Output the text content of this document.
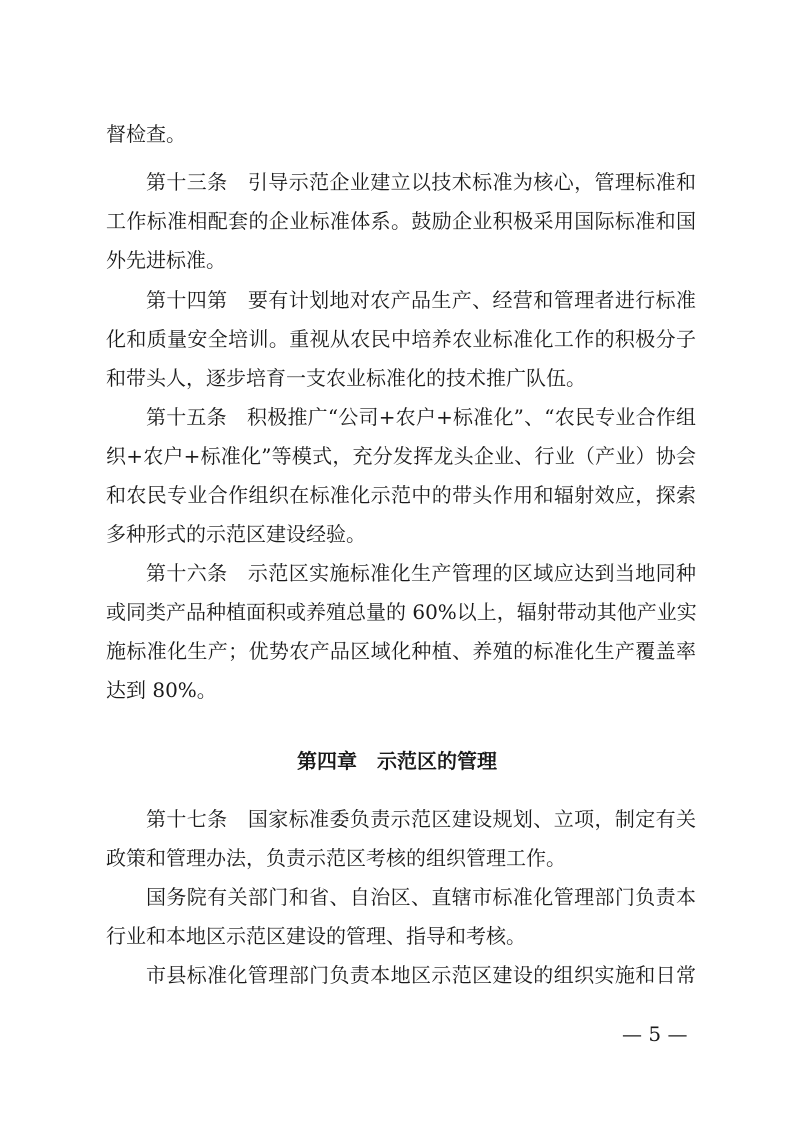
督检查。
第十三条　引导示范企业建立以技术标准为核心，管理标准和
工作标准相配套的企业标准体系。鼓励企业积极采用国际标准和国
外先进标准。
第十四第　要有计划地对农产品生产、经营和管理者进行标准
化和质量安全培训。重视从农民中培养农业标准化工作的积极分子
和带头人，逐步培育一支农业标准化的技术推广队伍。
第十五条　积极推广“公司+农户+标准化”、“农民专业合作组
织+农户+标准化”等模式，充分发挥龙头企业、行业（产业）协会
和农民专业合作组织在标准化示范中的带头作用和辐射效应，探索
多种形式的示范区建设经验。
第十六条　示范区实施标准化生产管理的区域应达到当地同种
或同类产品种植面积或养殖总量的 60%以上，辐射带动其他产业实
施标准化生产；优势农产品区域化种植、养殖的标准化生产覆盖率
达到 80%。
第四章　示范区的管理
第十七条　国家标准委负责示范区建设规划、立项，制定有关
政策和管理办法，负责示范区考核的组织管理工作。
国务院有关部门和省、自治区、直辖市标准化管理部门负责本
行业和本地区示范区建设的管理、指导和考核。
市县标准化管理部门负责本地区示范区建设的组织实施和日常
— 5 —
